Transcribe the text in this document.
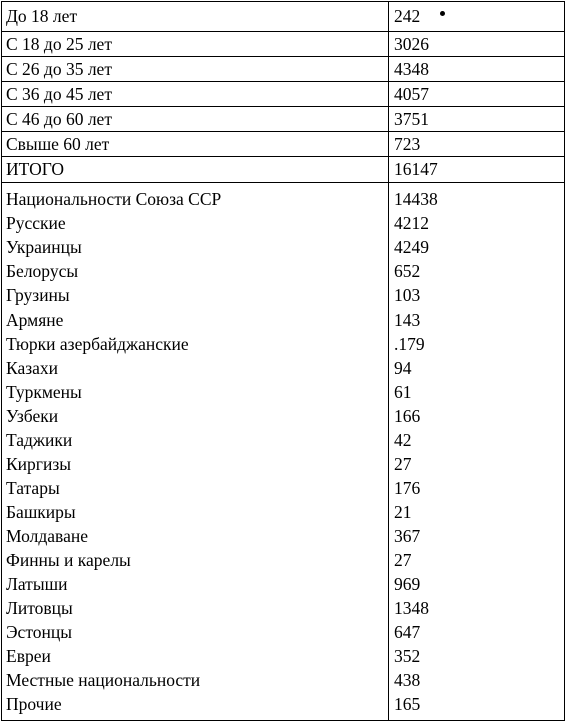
До 18 лет	242
С 18 до 25 лет	3026
С 26 до 35 лет	4348
С 36 до 45 лет	4057
С 46 до 60 лет	3751
Свыше 60 лет	723
ИТОГО	16147
Национальности Союза ССР	14438
Русские	4212
Украинцы	4249
Белорусы	652
Грузины	103
Армяне	143
Тюрки азербайджанские	.179
Казахи	94
Туркмены	61
Узбеки	166
Таджики	42
Киргизы	27
Татары	176
Башкиры	21
Молдаване	367
Финны и карелы	27
Латыши	969
Литовцы	1348
Эстонцы	647
Евреи	352
Местные национальности	438
Прочие	165
